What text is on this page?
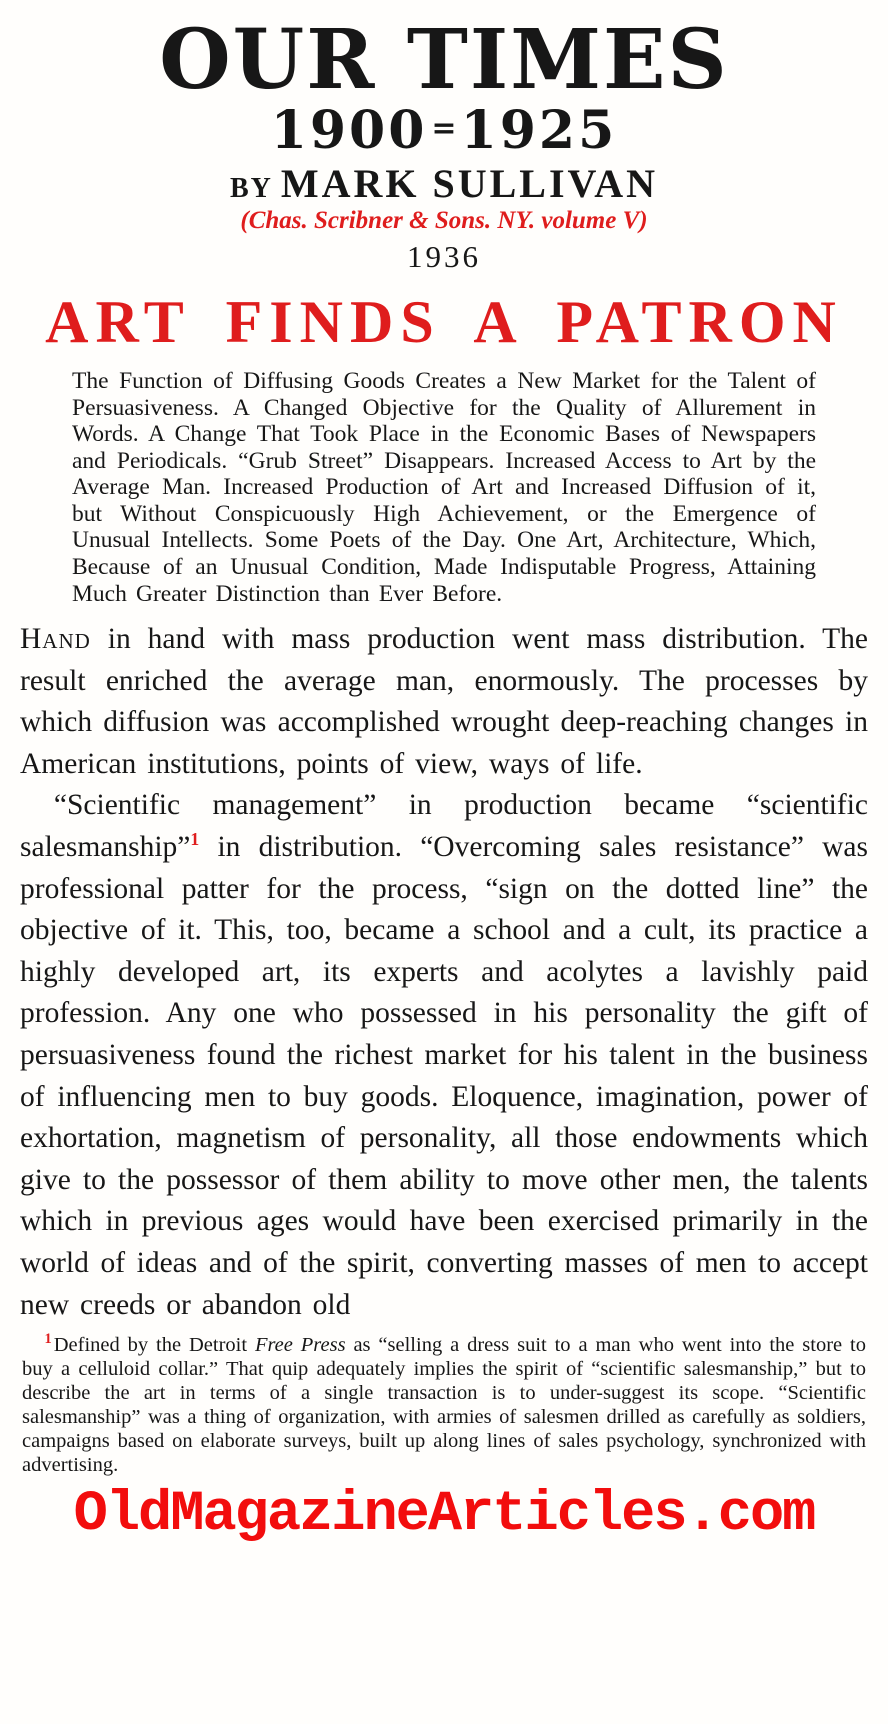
OUR TIMES
1900 =1925
BY MARK SULLIVAN
(Chas. Scribner & Sons. NY. volume V)
1936
ART FINDS A PATRON

The Function of Diffusing Goods Creates a New Market for the Talent of Persuasiveness. A Changed Objective for the Quality of Allurement in Words. A Change That Took Place in the Economic Bases of Newspapers and Periodicals. “Grub Street” Disappears. Increased Access to Art by the Average Man. Increased Production of Art and Increased Diffusion of it, but Without Conspicuously High Achievement, or the Emergence of Unusual Intellects. Some Poets of the Day. One Art, Architecture, Which, Because of an Unusual Condition, Made Indisputable Progress, Attaining Much Greater Distinction than Ever Before.

Hand in hand with mass production went mass distribution. The result enriched the average man, enormously. The processes by which diffusion was accomplished wrought deep-reaching changes in American institutions, points of view, ways of life.

“Scientific management” in production became “scientific salesmanship”$^1$ in distribution. “Overcoming sales resistance” was professional patter for the process, “sign on the dotted line” the objective of it. This, too, became a school and a cult, its practice a highly developed art, its experts and acolytes a lavishly paid profession. Any one who possessed in his personality the gift of persuasiveness found the richest market for his talent in the business of influencing men to buy goods. Eloquence, imagination, power of exhortation, magnetism of personality, all those endowments which give to the possessor of them ability to move other men, the talents which in previous ages would have been exercised primarily in the world of ideas and of the spirit, converting masses of men to accept new creeds or abandon old

$^1$Defined by the Detroit Free Press as “selling a dress suit to a man who went into the store to buy a celluloid collar.” That quip adequately implies the spirit of “scientific salesmanship,” but to describe the art in terms of a single transaction is to under-suggest its scope. “Scientific salesmanship” was a thing of organization, with armies of salesmen drilled as carefully as soldiers, campaigns based on elaborate surveys, built up along lines of sales psychology, synchronized with advertising.
OldMagazineArticles.com
